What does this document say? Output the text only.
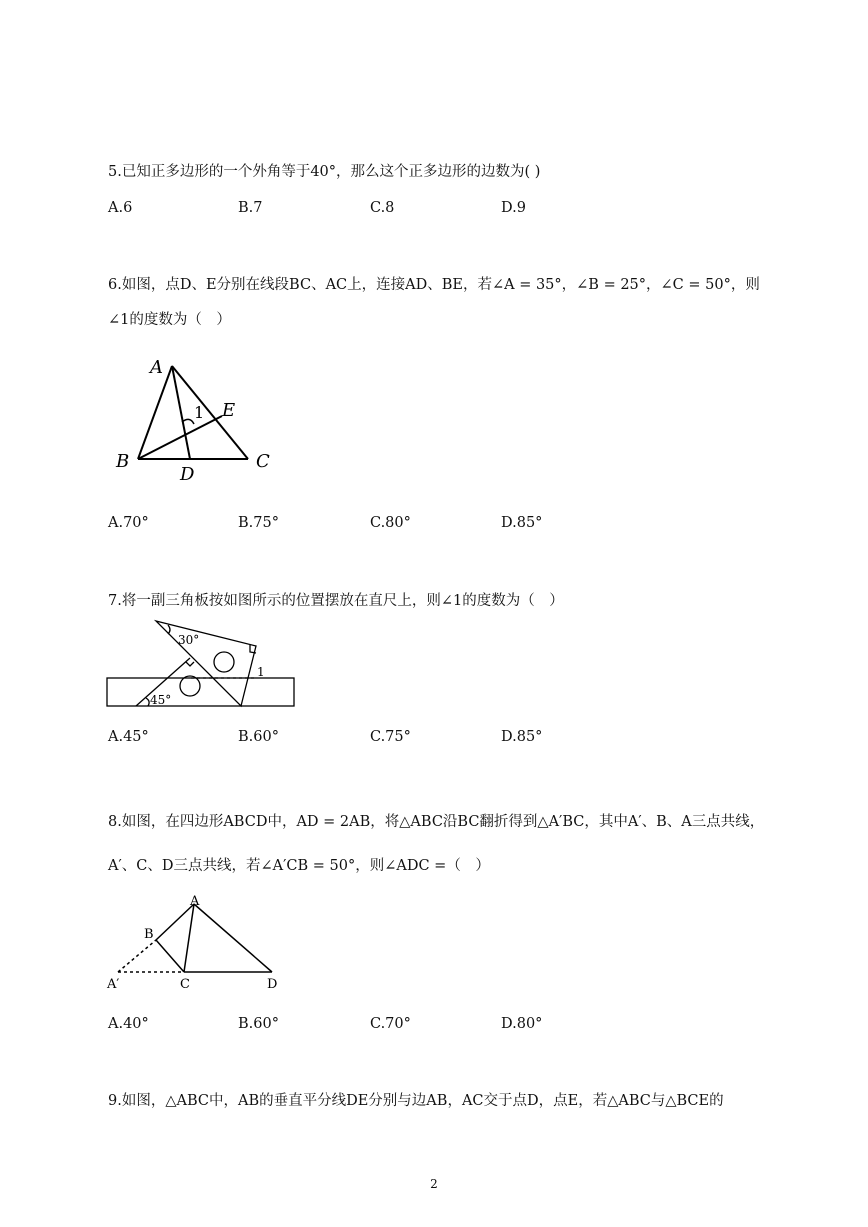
5.已知正多边形的一个外角等于40°，那么这个正多边形的边数为( )
A.6	B.7	C.8	D.9
6.如图，点D、E分别在线段BC、AC上，连接AD、BE，若∠A = 35°，∠B = 25°，∠C = 50°，则
∠1的度数为（　）
A
E
1
B	C
D
A.70°	B.75°	C.80°	D.85°
7.将一副三角板按如图所示的位置摆放在直尺上，则∠1的度数为（　）
30°
45°
1
A.45°	B.60°	C.75°	D.85°
8.如图，在四边形ABCD中，AD = 2AB，将△ABC沿BC翻折得到△A′BC，其中A′、B、A三点共线，
A′、C、D三点共线，若∠A′CB = 50°，则∠ADC =（　）
A
B
A′	C	D
A.40°	B.60°	C.70°	D.80°
9.如图，△ABC中，AB的垂直平分线DE分别与边AB，AC交于点D，点E，若△ABC与△BCE的
2
